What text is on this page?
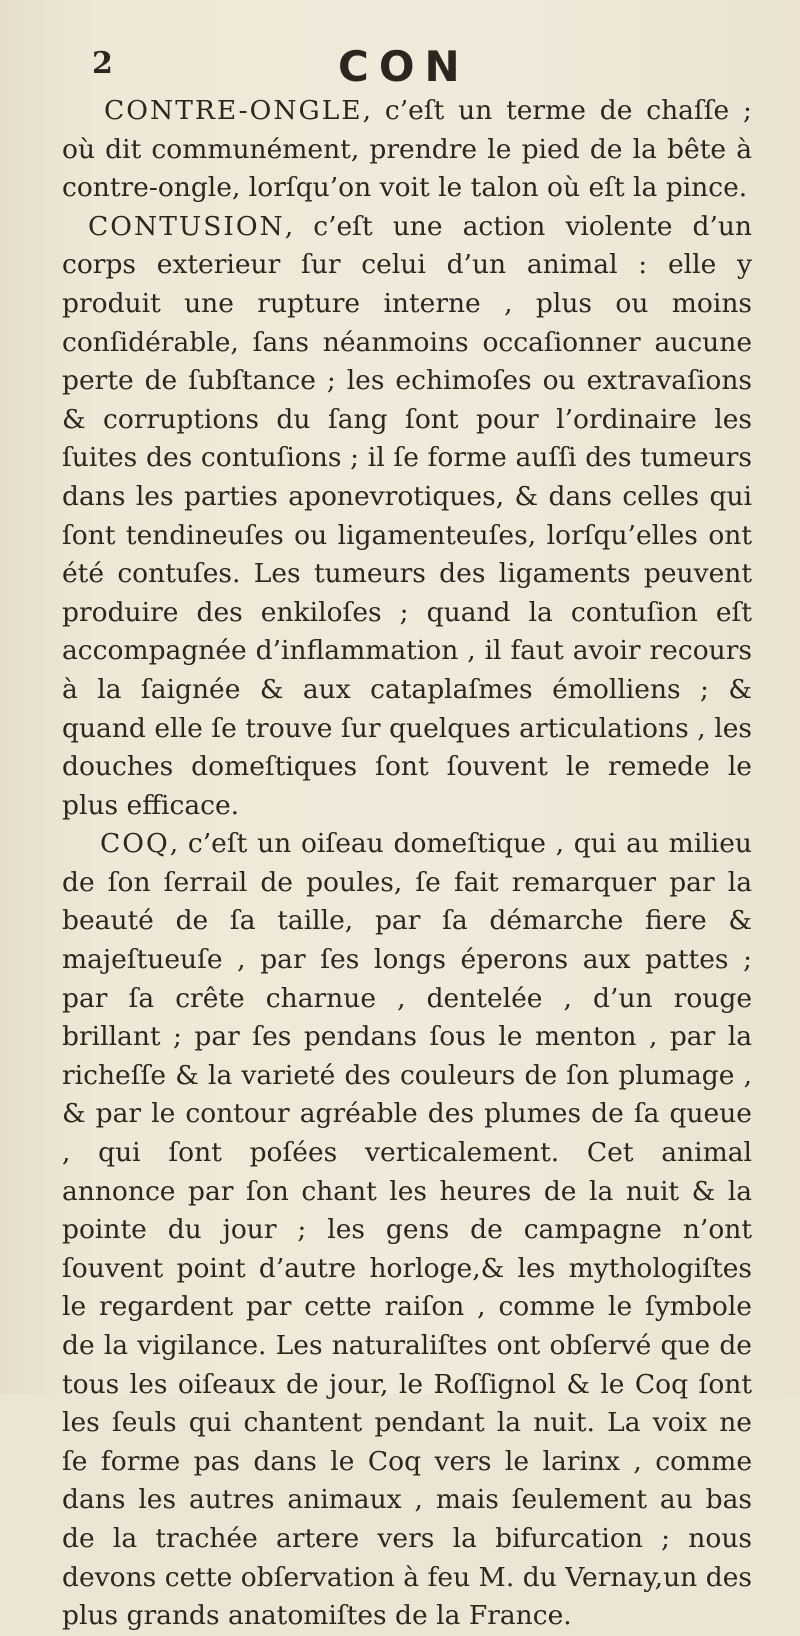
2	CON

CONTRE-ONGLE, c’eſt un terme de chaſſe ; où dit communément, prendre le pied de la bête à contre-ongle, lorſqu’on voit le talon où eſt la pince.

CONTUSION, c’eſt une action violente d’un corps exterieur ſur celui d’un animal : elle y produit une rupture interne , plus ou moins conſidérable, ſans néanmoins occaſionner aucune perte de ſubſtance ; les echimoſes ou extravaſions & corruptions du ſang ſont pour l’ordinaire les ſuites des contuſions ; il ſe forme auſſi des tumeurs dans les parties aponevrotiques, & dans celles qui ſont tendineuſes ou ligamenteuſes, lorſqu’elles ont été contuſes. Les tumeurs des ligaments peuvent produire des enkiloſes ; quand la contuſion eſt accompagnée d’inflammation , il faut avoir recours à la ſaignée & aux cataplaſmes émolliens ; & quand elle ſe trouve ſur quelques articulations , les douches domeſtiques ſont ſouvent le remede le plus efficace.

COQ, c’eſt un oiſeau domeſtique , qui au milieu de ſon ſerrail de poules, ſe fait remarquer par la beauté de ſa taille, par ſa démarche fiere & majeſtueuſe , par ſes longs éperons aux pattes ; par ſa crête charnue , dentelée , d’un rouge brillant ; par ſes pendans ſous le menton , par la richeſſe & la varieté des couleurs de ſon plumage , & par le contour agréable des plumes de ſa queue , qui ſont poſées verticalement. Cet animal annonce par ſon chant les heures de la nuit & la pointe du jour ; les gens de campagne n’ont ſouvent point d’autre horloge,& les mythologiſtes le regardent par cette raiſon , comme le ſymbole de la vigilance. Les naturaliſtes ont obſervé que de tous les oiſeaux de jour, le Roſſignol & le Coq ſont les ſeuls qui chantent pendant la nuit. La voix ne ſe forme pas dans le Coq vers le larinx , comme dans les autres animaux , mais ſeulement au bas de la trachée artere vers la bifurcation ; nous devons cette obſervation à feu M. du Vernay,un des plus grands anatomiſtes de la France.
